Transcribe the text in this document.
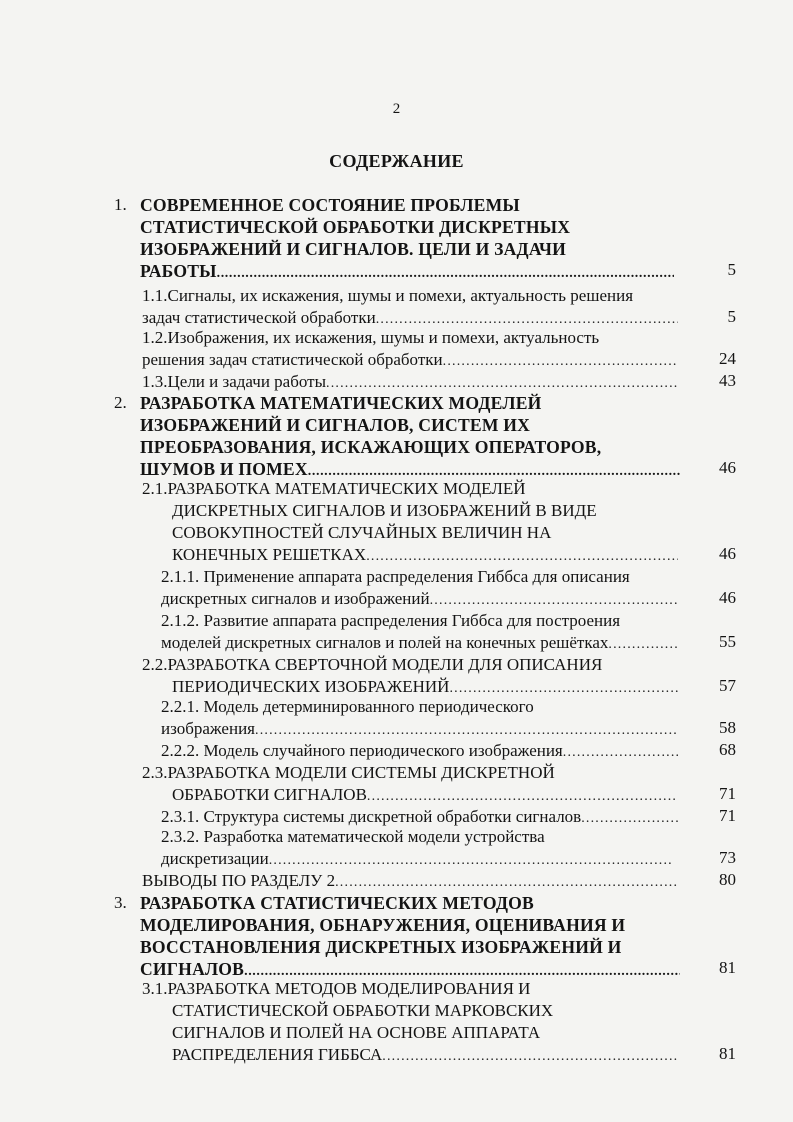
2
СОДЕРЖАНИЕ
1. СОВРЕМЕННОЕ СОСТОЯНИЕ ПРОБЛЕМЫ
СТАТИСТИЧЕСКОЙ ОБРАБОТКИ ДИСКРЕТНЫХ
ИЗОБРАЖЕНИЙ И СИГНАЛОВ. ЦЕЛИ И ЗАДАЧИ
РАБОТЫ .....	5
1.1.Сигналы, их искажения, шумы и помехи, актуальность решения
задач статистической обработки .....	5
1.2.Изображения, их искажения, шумы и помехи, актуальность
решения задач статистической обработки .....	24
1.3.Цели и задачи работы .....	43
2. РАЗРАБОТКА МАТЕМАТИЧЕСКИХ МОДЕЛЕЙ
ИЗОБРАЖЕНИЙ И СИГНАЛОВ, СИСТЕМ ИХ
ПРЕОБРАЗОВАНИЯ, ИСКАЖАЮЩИХ ОПЕРАТОРОВ,
ШУМОВ И ПОМЕХ .....	46
2.1.РАЗРАБОТКА МАТЕМАТИЧЕСКИХ МОДЕЛЕЙ
ДИСКРЕТНЫХ СИГНАЛОВ И ИЗОБРАЖЕНИЙ В ВИДЕ
СОВОКУПНОСТЕЙ СЛУЧАЙНЫХ ВЕЛИЧИН НА
КОНЕЧНЫХ РЕШЕТКАХ .....	46
2.1.1. Применение аппарата распределения Гиббса для описания
дискретных сигналов и изображений .....	46
2.1.2. Развитие аппарата распределения Гиббса для построения
моделей дискретных сигналов и полей на конечных решётках .....	55
2.2.РАЗРАБОТКА СВЕРТОЧНОЙ МОДЕЛИ ДЛЯ ОПИСАНИЯ
ПЕРИОДИЧЕСКИХ ИЗОБРАЖЕНИЙ .....	57
2.2.1. Модель детерминированного периодического
изображения .....	58
2.2.2. Модель случайного периодического изображения .....	68
2.3.РАЗРАБОТКА МОДЕЛИ СИСТЕМЫ ДИСКРЕТНОЙ
ОБРАБОТКИ СИГНАЛОВ .....	71
2.3.1. Структура системы дискретной обработки сигналов .....	71
2.3.2. Разработка математической модели устройства
дискретизации .....	73
ВЫВОДЫ ПО РАЗДЕЛУ 2 .....	80
3. РАЗРАБОТКА СТАТИСТИЧЕСКИХ МЕТОДОВ
МОДЕЛИРОВАНИЯ, ОБНАРУЖЕНИЯ, ОЦЕНИВАНИЯ И
ВОССТАНОВЛЕНИЯ ДИСКРЕТНЫХ ИЗОБРАЖЕНИЙ И
СИГНАЛОВ .....	81
3.1.РАЗРАБОТКА МЕТОДОВ МОДЕЛИРОВАНИЯ И
СТАТИСТИЧЕСКОЙ ОБРАБОТКИ МАРКОВСКИХ
СИГНАЛОВ И ПОЛЕЙ НА ОСНОВЕ АППАРАТА
РАСПРЕДЕЛЕНИЯ ГИББСА .....	81
